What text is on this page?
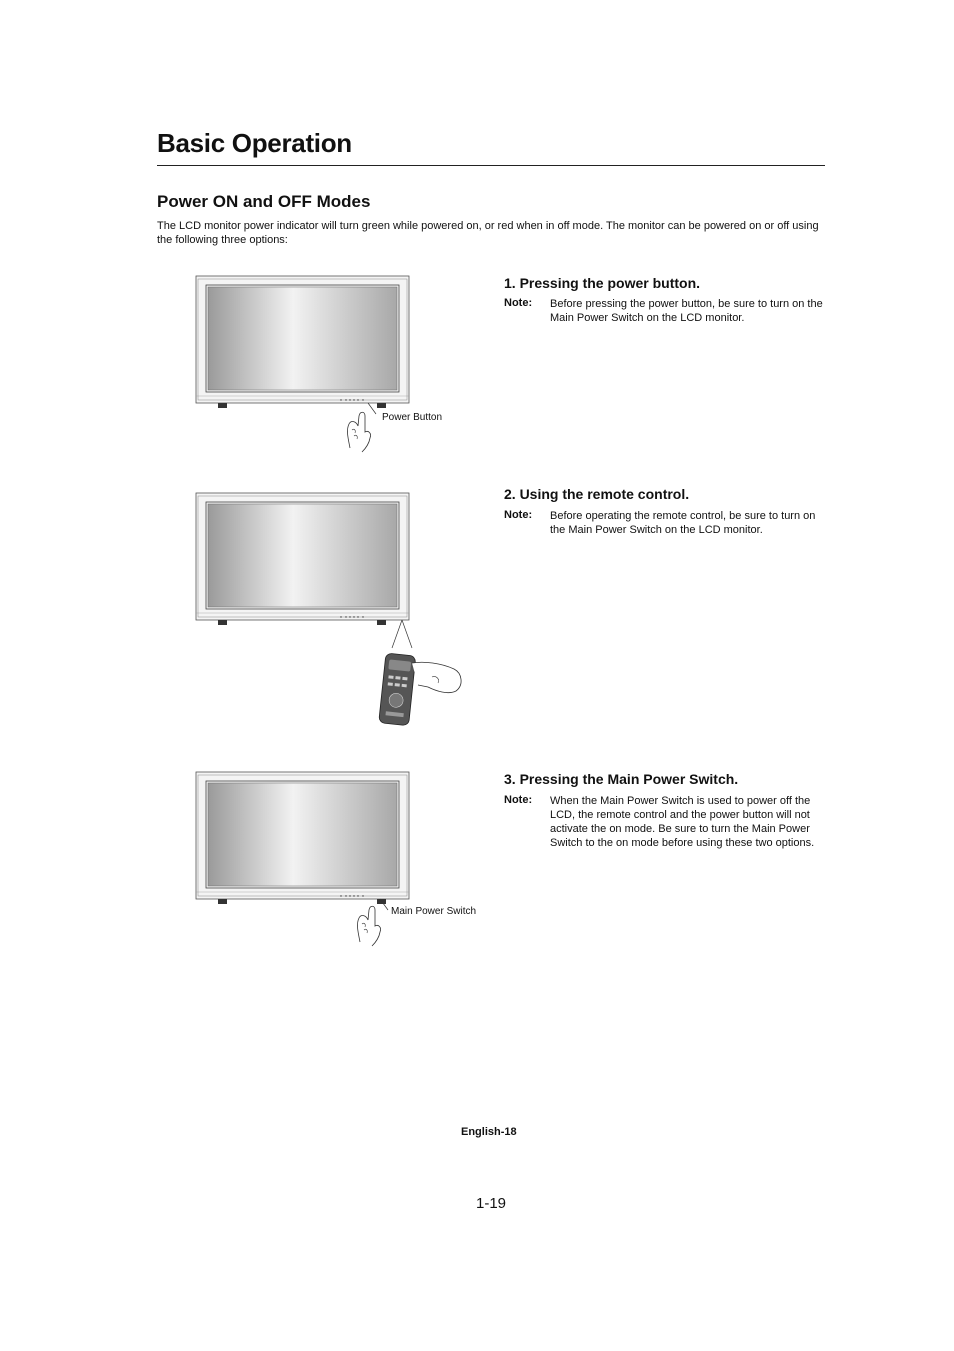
Basic Operation
Power ON and OFF Modes

The LCD monitor power indicator will turn green while powered on, or red when in off mode. The monitor can be powered on or off using the following three options:

Power Button
1. Pressing the power button.
Note: Before pressing the power button, be sure to turn on the Main Power Switch on the LCD monitor.

2. Using the remote control.
Note: Before operating the remote control, be sure to turn on the Main Power Switch on the LCD monitor.

Main Power Switch
3. Pressing the Main Power Switch.
Note: When the Main Power Switch is used to power off the LCD, the remote control and the power button will not activate the on mode. Be sure to turn the Main Power Switch to the on mode before using these two options.

English-18
1-19
